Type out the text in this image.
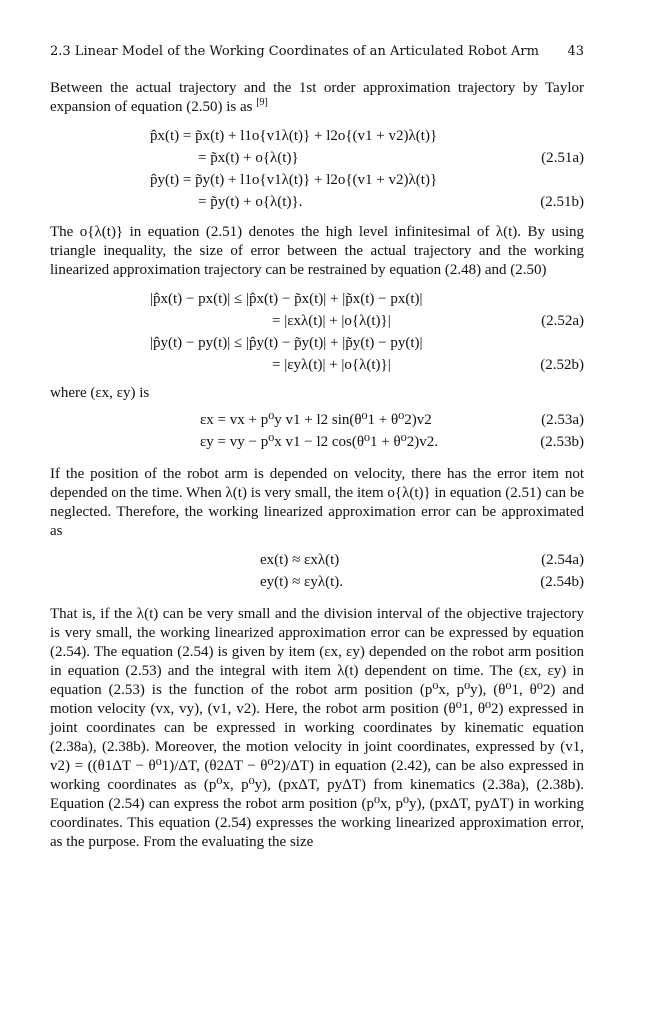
2.3 Linear Model of the Working Coordinates of an Articulated Robot Arm 43

Between the actual trajectory and the 1st order approximation trajectory by Taylor expansion of equation (2.50) is as [9]

p̂x(t) = p̃x(t) + l1o{v1λ(t)} + l2o{(v1 + v2)λ(t)}
= p̃x(t) + o{λ(t)}	(2.51a)
p̂y(t) = p̃y(t) + l1o{v1λ(t)} + l2o{(v1 + v2)λ(t)}
= p̃y(t) + o{λ(t)}.	(2.51b)

The o{λ(t)} in equation (2.51) denotes the high level infinitesimal of λ(t). By using triangle inequality, the size of error between the actual trajectory and the working linearized approximation trajectory can be restrained by equation (2.48) and (2.50)

|p̂x(t) − px(t)| ≤ |p̂x(t) − p̃x(t)| + |p̃x(t) − px(t)|
= |εxλ(t)| + |o{λ(t)}|	(2.52a)
|p̂y(t) − py(t)| ≤ |p̂y(t) − p̃y(t)| + |p̃y(t) − py(t)|
= |εyλ(t)| + |o{λ(t)}|	(2.52b)

where (εx, εy) is

εx = vx + p⁰y v1 + l2 sin(θ⁰1 + θ⁰2)v2	(2.53a)
εy = vy − p⁰x v1 − l2 cos(θ⁰1 + θ⁰2)v2.	(2.53b)

If the position of the robot arm is depended on velocity, there has the error item not depended on the time. When λ(t) is very small, the item o{λ(t)} in equation (2.51) can be neglected. Therefore, the working linearized approximation error can be approximated as

ex(t) ≈ εxλ(t)	(2.54a)
ey(t) ≈ εyλ(t).	(2.54b)

That is, if the λ(t) can be very small and the division interval of the objective trajectory is very small, the working linearized approximation error can be expressed by equation (2.54). The equation (2.54) is given by item (εx, εy) depended on the robot arm position in equation (2.53) and the integral with item λ(t) dependent on time. The (εx, εy) in equation (2.53) is the function of the robot arm position (p⁰x, p⁰y), (θ⁰1, θ⁰2) and motion velocity (vx, vy), (v1, v2). Here, the robot arm position (θ⁰1, θ⁰2) expressed in joint coordinates can be expressed in working coordinates by kinematic equation (2.38a), (2.38b). Moreover, the motion velocity in joint coordinates, expressed by (v1, v2) = ((θ1ΔT − θ⁰1)/ΔT, (θ2ΔT − θ⁰2)/ΔT) in equation (2.42), can be also expressed in working coordinates as (p⁰x, p⁰y), (pxΔT, pyΔT) from kinematics (2.38a), (2.38b). Equation (2.54) can express the robot arm position (p⁰x, p⁰y), (pxΔT, pyΔT) in working coordinates. This equation (2.54) expresses the working linearized approximation error, as the purpose. From the evaluating the size
